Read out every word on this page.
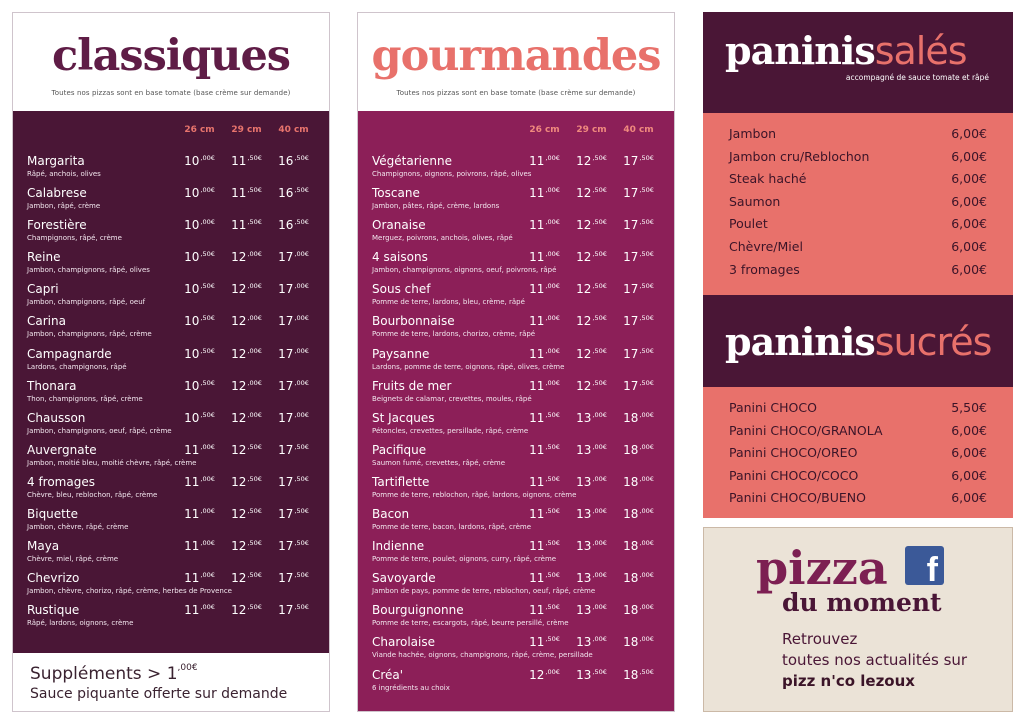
classiques
Toutes nos pizzas sont en base tomate (base crème sur demande)
26 cm	29 cm	40 cm
Margarita
Râpé, anchois, olives
$10^{,00€}$	$11^{,50€}$	$16^{,50€}$
Calabrese
Jambon, râpé, crème
$10^{,00€}$	$11^{,50€}$	$16^{,50€}$
Forestière
Champignons, râpé, crème
$10^{,00€}$	$11^{,50€}$	$16^{,50€}$
Reine
Jambon, champignons, râpé, olives
$10^{,50€}$	$12^{,00€}$	$17^{,00€}$
Capri
Jambon, champignons, râpé, oeuf
$10^{,50€}$	$12^{,00€}$	$17^{,00€}$
Carina
Jambon, champignons, râpé, crème
$10^{,50€}$	$12^{,00€}$	$17^{,00€}$
Campagnarde
Lardons, champignons, râpé
$10^{,50€}$	$12^{,00€}$	$17^{,00€}$
Thonara
Thon, champignons, râpé, crème
$10^{,50€}$	$12^{,00€}$	$17^{,00€}$
Chausson
Jambon, champignons, oeuf, râpé, crème
$10^{,50€}$	$12^{,00€}$	$17^{,00€}$
Auvergnate
Jambon, moitié bleu, moitié chèvre, râpé, crème
$11^{,00€}$	$12^{,50€}$	$17^{,50€}$
4 fromages
Chèvre, bleu, reblochon, râpé, crème
$11^{,00€}$	$12^{,50€}$	$17^{,50€}$
Biquette
Jambon, chèvre, râpé, crème
$11^{,00€}$	$12^{,50€}$	$17^{,50€}$
Maya
Chèvre, miel, râpé, crème
$11^{,00€}$	$12^{,50€}$	$17^{,50€}$
Chevrizo
Jambon, chèvre, chorizo, râpé, crème, herbes de Provence
$11^{,00€}$	$12^{,50€}$	$17^{,50€}$
Rustique
Râpé, lardons, oignons, crème
$11^{,00€}$	$12^{,50€}$	$17^{,50€}$
Suppléments > $1^{,00€}$
Sauce piquante offerte sur demande
gourmandes
Toutes nos pizzas sont en base tomate (base crème sur demande)
26 cm	29 cm	40 cm
Végétarienne
Champignons, oignons, poivrons, râpé, olives
$11^{,00€}$	$12^{,50€}$	$17^{,50€}$
Toscane
Jambon, pâtes, râpé, crème, lardons
$11^{,00€}$	$12^{,50€}$	$17^{,50€}$
Oranaise
Merguez, poivrons, anchois, olives, râpé
$11^{,00€}$	$12^{,50€}$	$17^{,50€}$
4 saisons
Jambon, champignons, oignons, oeuf, poivrons, râpé
$11^{,00€}$	$12^{,50€}$	$17^{,50€}$
Sous chef
Pomme de terre, lardons, bleu, crème, râpé
$11^{,00€}$	$12^{,50€}$	$17^{,50€}$
Bourbonnaise
Pomme de terre, lardons, chorizo, crème, râpé
$11^{,00€}$	$12^{,50€}$	$17^{,50€}$
Paysanne
Lardons, pomme de terre, oignons, râpé, olives, crème
$11^{,00€}$	$12^{,50€}$	$17^{,50€}$
Fruits de mer
Beignets de calamar, crevettes, moules, râpé
$11^{,00€}$	$12^{,50€}$	$17^{,50€}$
St Jacques
Pétoncles, crevettes, persillade, râpé, crème
$11^{,50€}$	$13^{,00€}$	$18^{,00€}$
Pacifique
Saumon fumé, crevettes, râpé, crème
$11^{,50€}$	$13^{,00€}$	$18^{,00€}$
Tartiflette
Pomme de terre, reblochon, râpé, lardons, oignons, crème
$11^{,50€}$	$13^{,00€}$	$18^{,00€}$
Bacon
Pomme de terre, bacon, lardons, râpé, crème
$11^{,50€}$	$13^{,00€}$	$18^{,00€}$
Indienne
Pomme de terre, poulet, oignons, curry, râpé, crème
$11^{,50€}$	$13^{,00€}$	$18^{,00€}$
Savoyarde
Jambon de pays, pomme de terre, reblochon, oeuf, râpé, crème
$11^{,50€}$	$13^{,00€}$	$18^{,00€}$
Bourguignonne
Pomme de terre, escargots, râpé, beurre persillé, crème
$11^{,50€}$	$13^{,00€}$	$18^{,00€}$
Charolaise
Viande hachée, oignons, champignons, râpé, crème, persillade
$11^{,50€}$	$13^{,00€}$	$18^{,00€}$
Créa'
6 ingrédients au choix
$12^{,00€}$	$13^{,50€}$	$18^{,50€}$
paninissalés
accompagné de sauce tomate et râpé
Jambon	6,00€
Jambon cru/Reblochon	6,00€
Steak haché	6,00€
Saumon	6,00€
Poulet	6,00€
Chèvre/Miel	6,00€
3 fromages	6,00€
paninissucrés
Panini CHOCO	5,50€
Panini CHOCO/GRANOLA	6,00€
Panini CHOCO/OREO	6,00€
Panini CHOCO/COCO	6,00€
Panini CHOCO/BUENO	6,00€
pizza	f
du moment
Retrouvez
toutes nos actualités sur
pizz n'co lezoux
